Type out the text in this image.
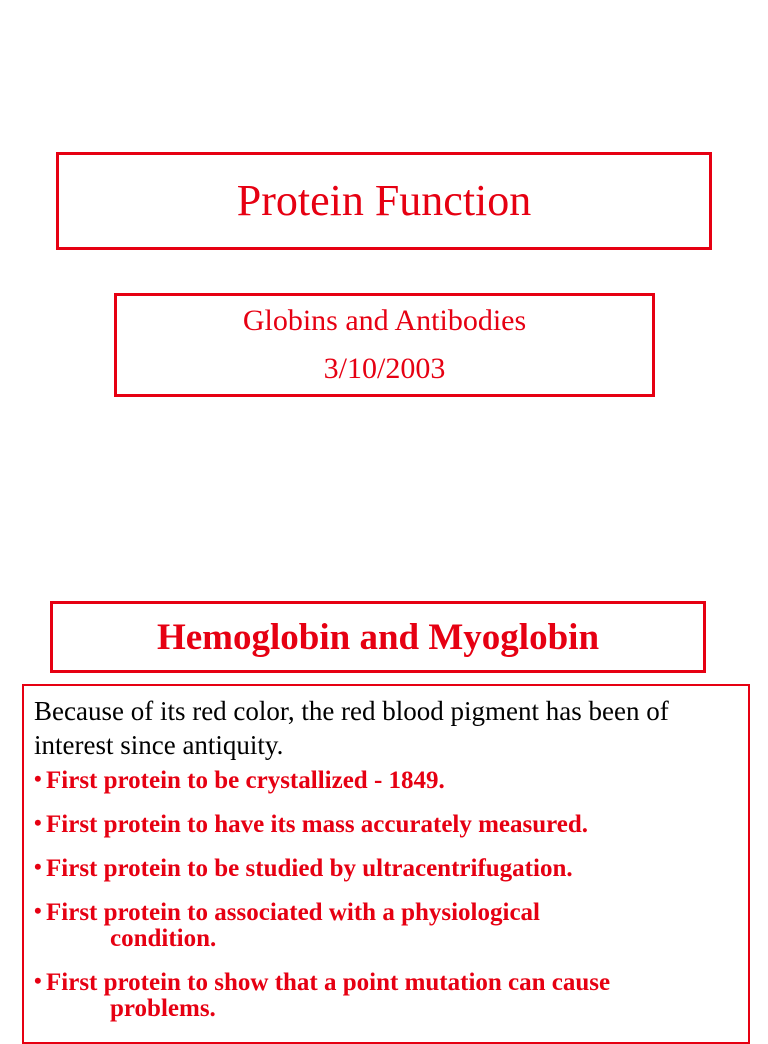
Protein Function
Globins and Antibodies
3/10/2003
Hemoglobin and Myoglobin

Because of its red color, the red blood pigment has been of interest since antiquity.

• First protein to be crystallized - 1849.
• First protein to have its mass accurately measured.
• First protein to be studied by ultracentrifugation.
• First protein to associated with a physiological
condition.
• First protein to show that a point mutation can cause
problems.
